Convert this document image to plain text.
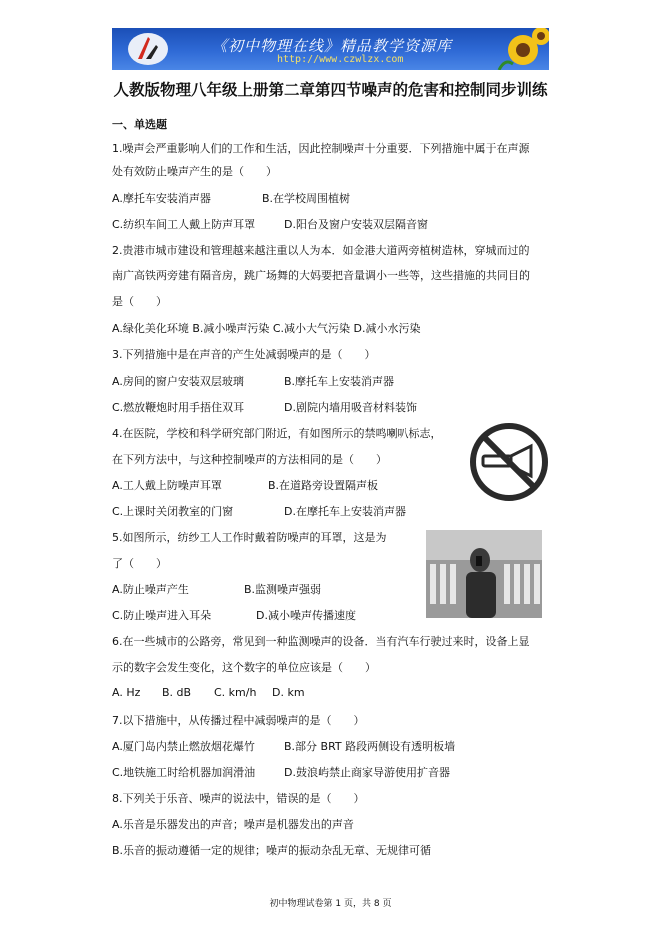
《初中物理在线》精品教学资源库
http://www.czwlzx.com
人教版物理八年级上册第二章第四节噪声的危害和控制同步训练
一、单选题
1.噪声会严重影响人们的工作和生活，因此控制噪声十分重要．下列措施中属于在声源
处有效防止噪声产生的是（　　）
A.摩托车安装消声器	B.在学校周围植树
C.纺织车间工人戴上防声耳罩	D.阳台及窗户安装双层隔音窗
2.贵港市城市建设和管理越来越注重以人为本．如金港大道两旁植树造林，穿城而过的
南广高铁两旁建有隔音房，跳广场舞的大妈要把音量调小一些等，这些措施的共同目的
是（　　）
A.绿化美化环境 B.减小噪声污染 C.减小大气污染 D.减小水污染
3.下列措施中是在声音的产生处减弱噪声的是（　　）
A.房间的窗户安装双层玻璃	B.摩托车上安装消声器
C.燃放鞭炮时用手捂住双耳	D.剧院内墙用吸音材料装饰
4.在医院，学校和科学研究部门附近，有如图所示的禁鸣喇叭标志，
在下列方法中，与这种控制噪声的方法相同的是（　　）
A.工人戴上防噪声耳罩	B.在道路旁设置隔声板
C.上课时关闭教室的门窗	D.在摩托车上安装消声器
5.如图所示，纺纱工人工作时戴着防噪声的耳罩，这是为
了（　　）
A.防止噪声产生	B.监测噪声强弱
C.防止噪声进入耳朵	D.减小噪声传播速度
6.在一些城市的公路旁，常见到一种监测噪声的设备．当有汽车行驶过来时，设备上显
示的数字会发生变化，这个数字的单位应该是（　　）
A. Hz B. dB C. km/h D. km
7.以下措施中，从传播过程中减弱噪声的是（　　）
A.厦门岛内禁止燃放烟花爆竹	B.部分 BRT 路段两侧设有透明板墙
C.地铁施工时给机器加润滑油	D.鼓浪屿禁止商家导游使用扩音器
8.下列关于乐音、噪声的说法中，错误的是（　　）
A.乐音是乐器发出的声音；噪声是机器发出的声音
B.乐音的振动遵循一定的规律；噪声的振动杂乱无章、无规律可循
初中物理试卷第 1 页，共 8 页
